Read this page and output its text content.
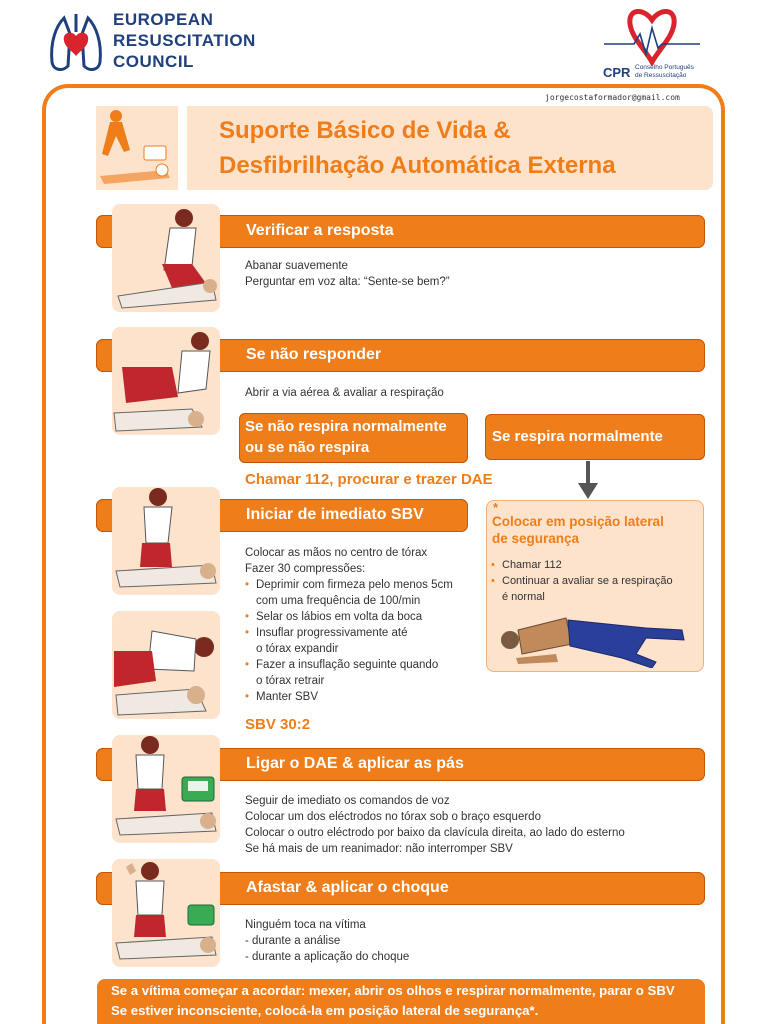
EUROPEAN
RESUSCITATION
COUNCIL
CPR Conselho Português
de Ressuscitação
jorgecostaformador@gmail.com
Suporte Básico de Vida &
Desfibrilhação Automática Externa
Verificar a resposta
Abanar suavemente
Perguntar em voz alta: “Sente-se bem?”
Se não responder
Abrir a via aérea & avaliar a respiração
Se não respira normalmente
ou se não respira
Se respira normalmente
Chamar 112, procurar e trazer DAE
Iniciar de imediato SBV
Colocar as mãos no centro de tórax
Fazer 30 compressões:
• Deprimir com firmeza pelo menos 5cm
com uma frequência de 100/min
• Selar os lábios em volta da boca
• Insuflar progressivamente até
o tórax expandir
• Fazer a insuflação seguinte quando
o tórax retrair
• Manter SBV
SBV 30:2
*
Colocar em posição lateral
de segurança
• Chamar 112
• Continuar a avaliar se a respiração
é normal
Ligar o DAE & aplicar as pás
Seguir de imediato os comandos de voz
Colocar um dos eléctrodos no tórax sob o braço esquerdo
Colocar o outro eléctrodo por baixo da clavícula direita, ao lado do esterno
Se há mais de um reanimador: não interromper SBV
Afastar & aplicar o choque
Ninguém toca na vítima
- durante a análise
- durante a aplicação do choque
Se a vítima começar a acordar: mexer, abrir os olhos e respirar normalmente, parar o SBV
Se estiver inconsciente, colocá-la em posição lateral de segurança*.
